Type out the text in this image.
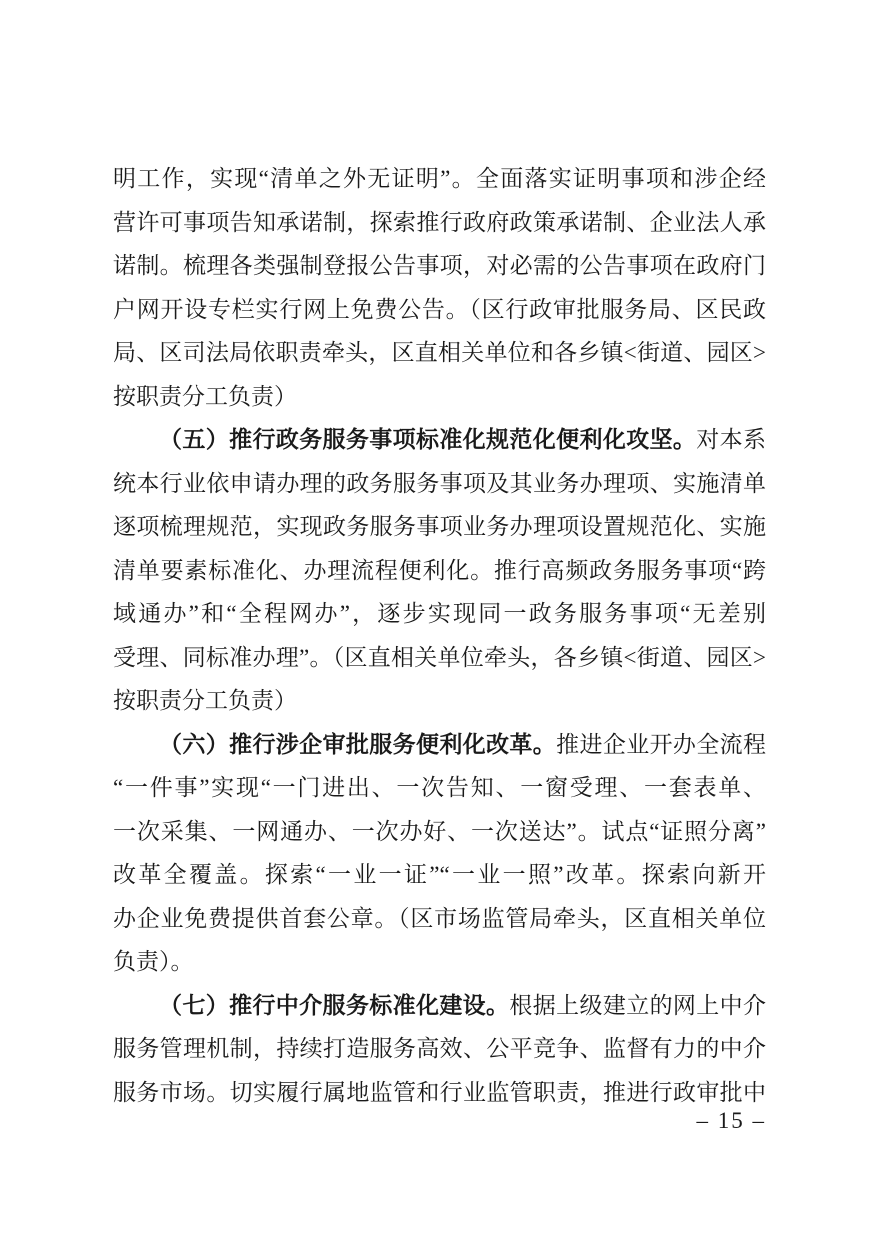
明工作，实现“清单之外无证明”。全面落实证明事项和涉企经
营许可事项告知承诺制，探索推行政府政策承诺制、企业法人承
诺制。梳理各类强制登报公告事项，对必需的公告事项在政府门
户网开设专栏实行网上免费公告。（区行政审批服务局、区民政
局、区司法局依职责牵头，区直相关单位和各乡镇<街道、园区>
按职责分工负责）
（五）推行政务服务事项标准化规范化便利化攻坚。对本系
统本行业依申请办理的政务服务事项及其业务办理项、实施清单
逐项梳理规范，实现政务服务事项业务办理项设置规范化、实施
清单要素标准化、办理流程便利化。推行高频政务服务事项“跨
域通办”和“全程网办”，逐步实现同一政务服务事项“无差别
受理、同标准办理”。（区直相关单位牵头，各乡镇<街道、园区>
按职责分工负责）
（六）推行涉企审批服务便利化改革。推进企业开办全流程
“一件事”实现“一门进出、一次告知、一窗受理、一套表单、
一次采集、一网通办、一次办好、一次送达”。试点“证照分离”
改革全覆盖。探索“一业一证”“一业一照”改革。探索向新开
办企业免费提供首套公章。（区市场监管局牵头，区直相关单位
负责）。
（七）推行中介服务标准化建设。根据上级建立的网上中介
服务管理机制，持续打造服务高效、公平竞争、监督有力的中介
服务市场。切实履行属地监管和行业监管职责，推进行政审批中
– 15 –
